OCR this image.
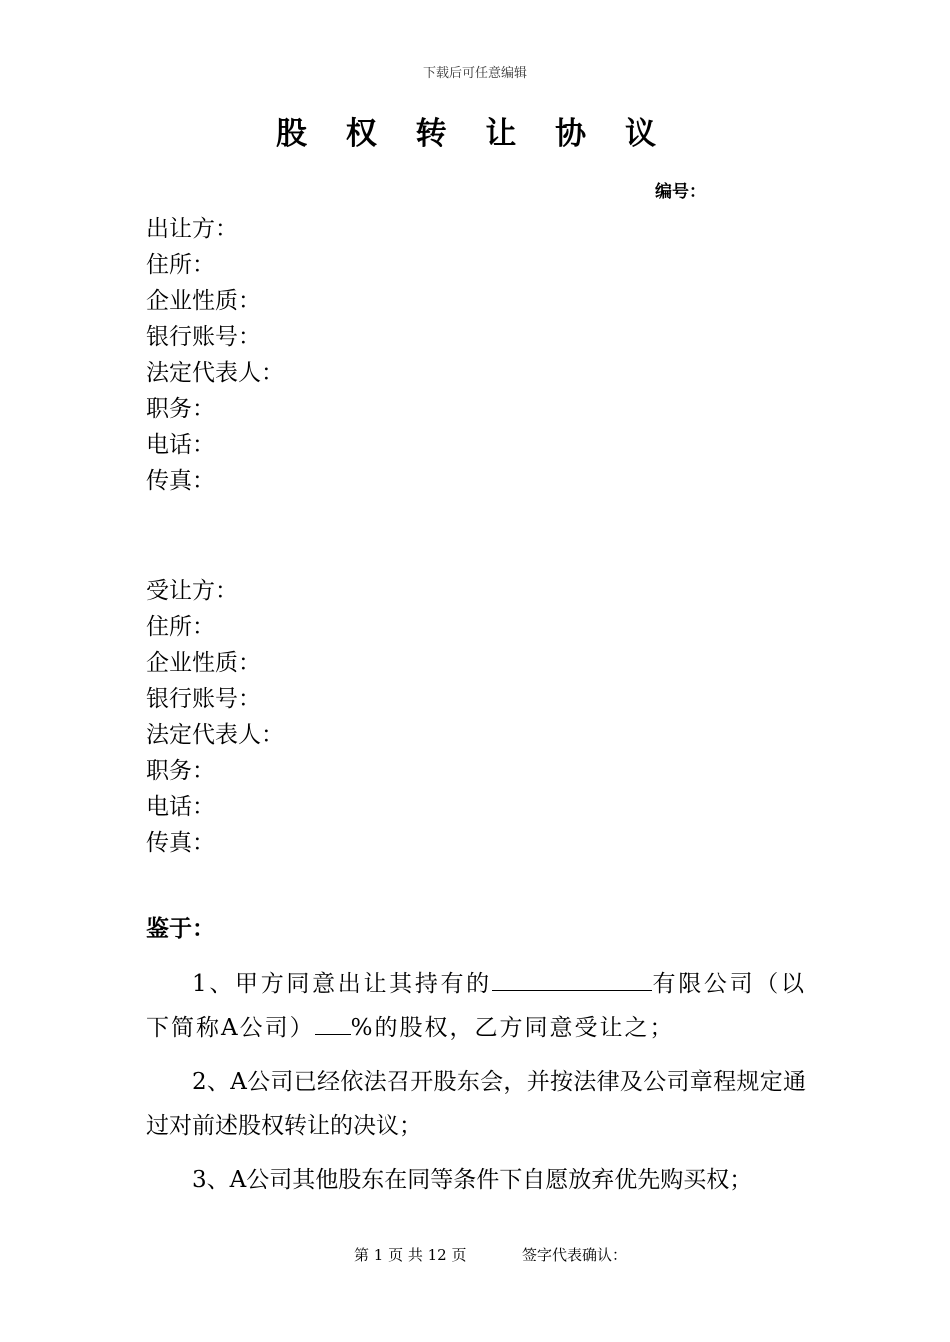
下载后可任意编辑
股 权 转 让 协 议
编号：
出让方：
住所：
企业性质：
银行账号：
法定代表人：
职务：
电话：
传真：
受让方：
住所：
企业性质：
银行账号：
法定代表人：
职务：
电话：
传真：
鉴于：

1、甲方同意出让其持有的	有限公司（以下简称A公司） %的股权，乙方同意受让之；

2、A公司已经依法召开股东会，并按法律及公司章程规定通过对前述股权转让的决议；

3、A公司其他股东在同等条件下自愿放弃优先购买权；

第 1 页 共 12 页	签字代表确认：
